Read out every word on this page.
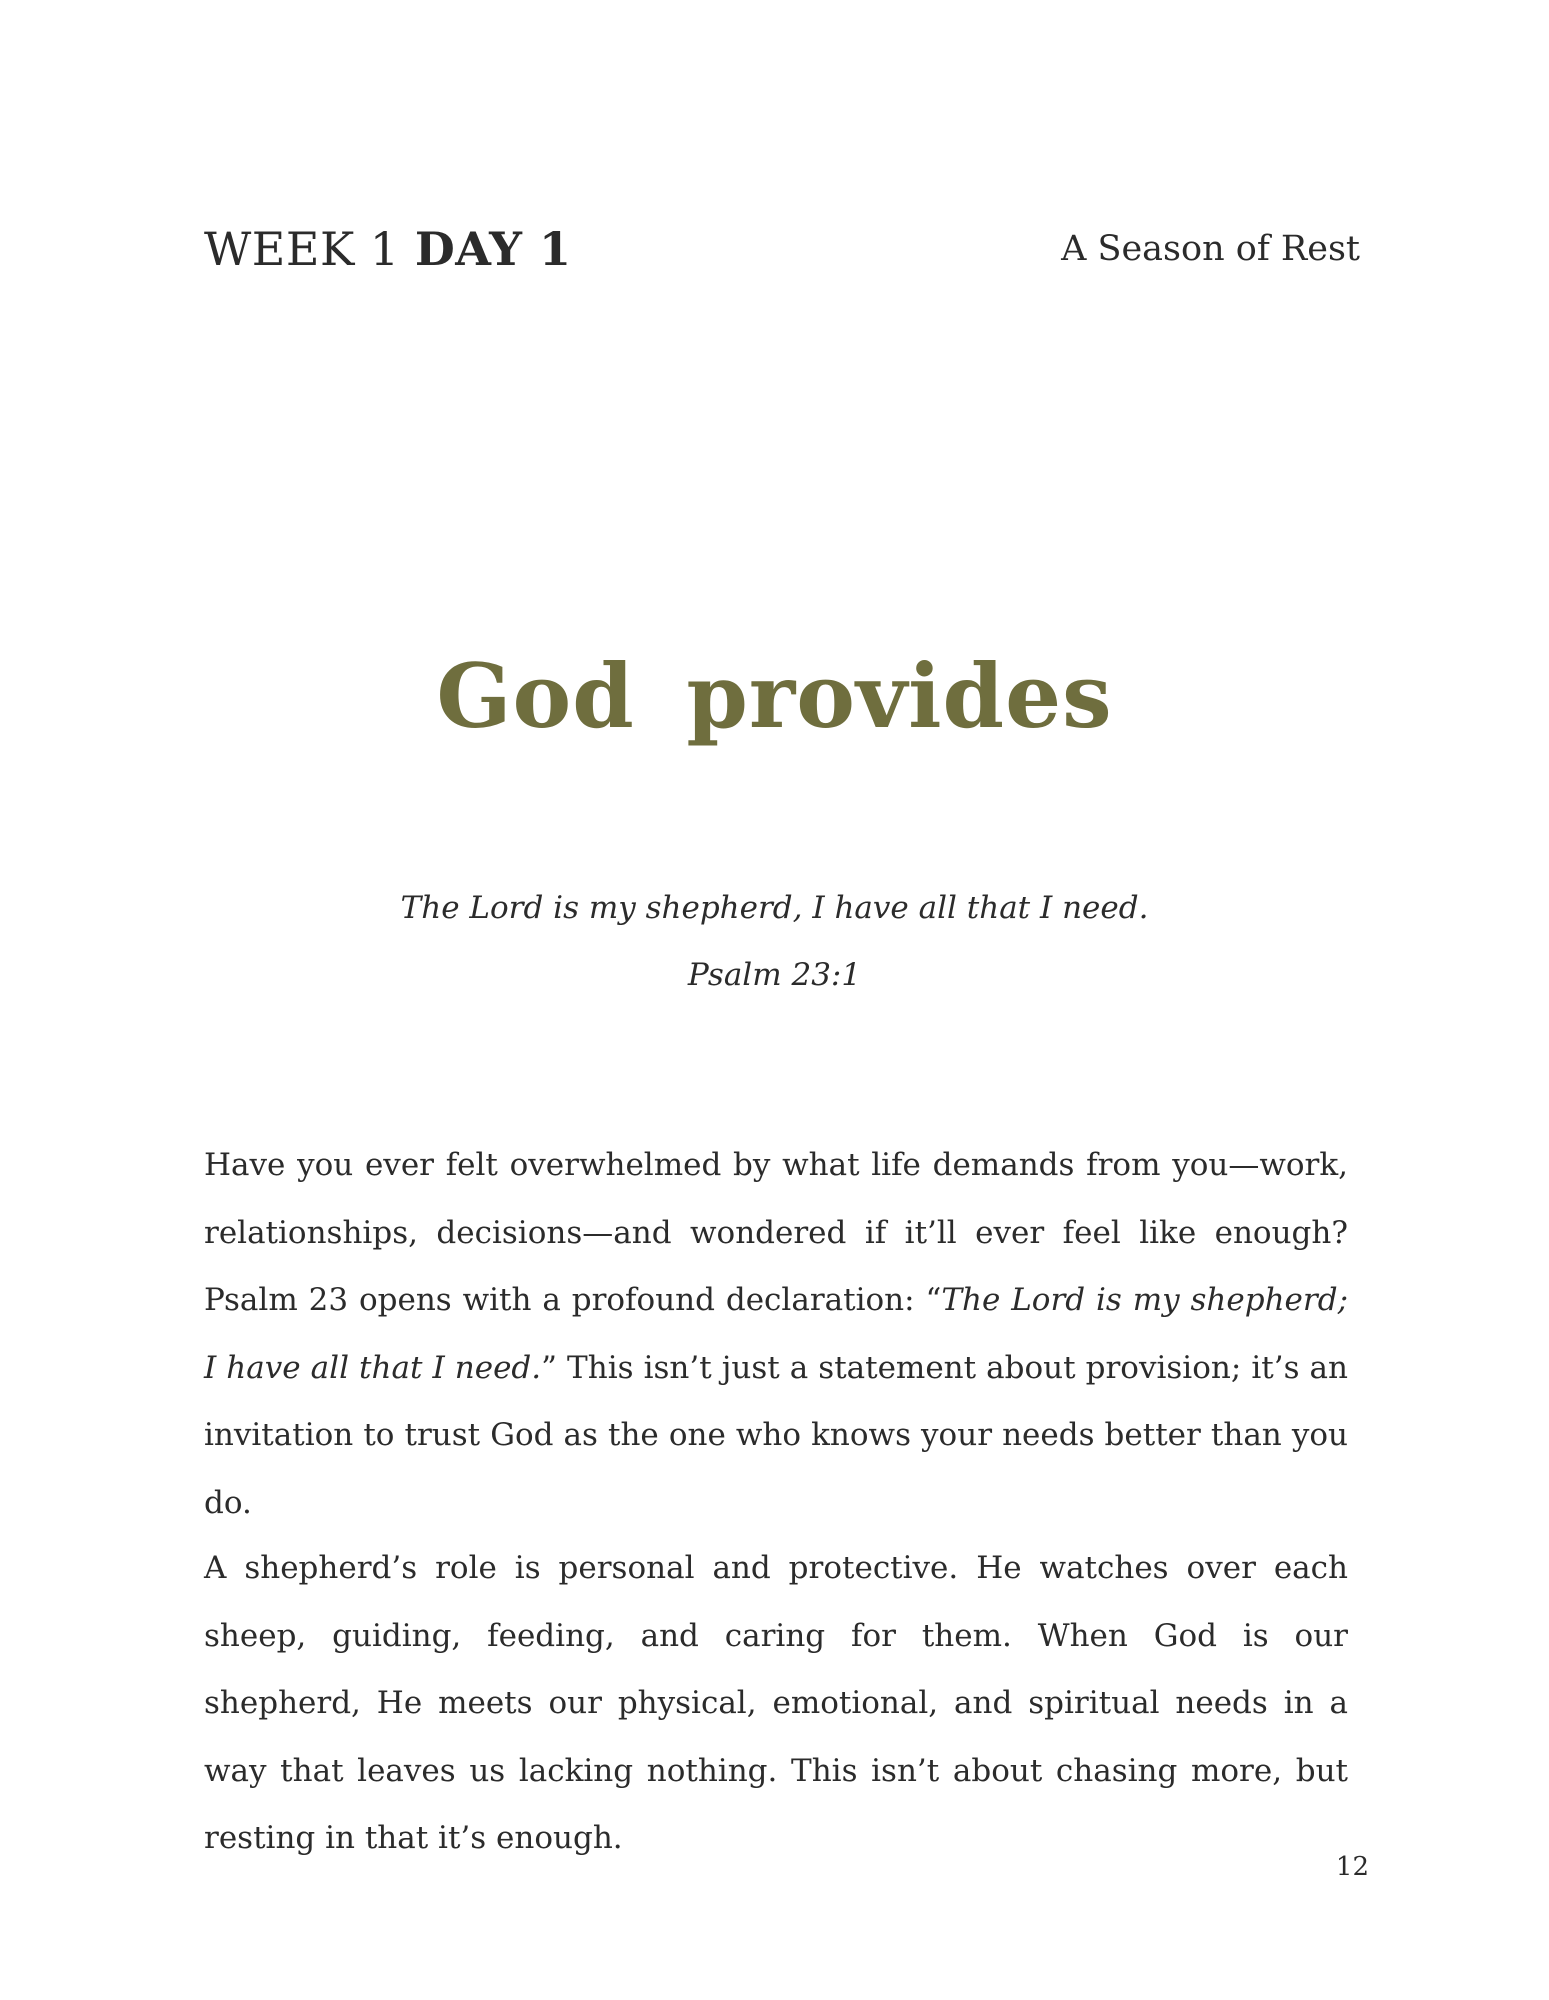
WEEK 1 DAY 1	A Season of Rest
God provides
The Lord is my shepherd, I have all that I need.
Psalm 23:1
Have you ever felt overwhelmed by what life demands from you—work, relationships, decisions—and wondered if it’ll ever feel like enough? Psalm 23 opens with a profound declaration: “The Lord is my shepherd; I have all that I need.” This isn’t just a statement about provision; it’s an invitation to trust God as the one who knows your needs better than you do.
A shepherd’s role is personal and protective. He watches over each sheep, guiding, feeding, and caring for them. When God is our shepherd, He meets our physical, emotional, and spiritual needs in a way that leaves us lacking nothing. This isn’t about chasing more, but resting in that it’s enough.
12
